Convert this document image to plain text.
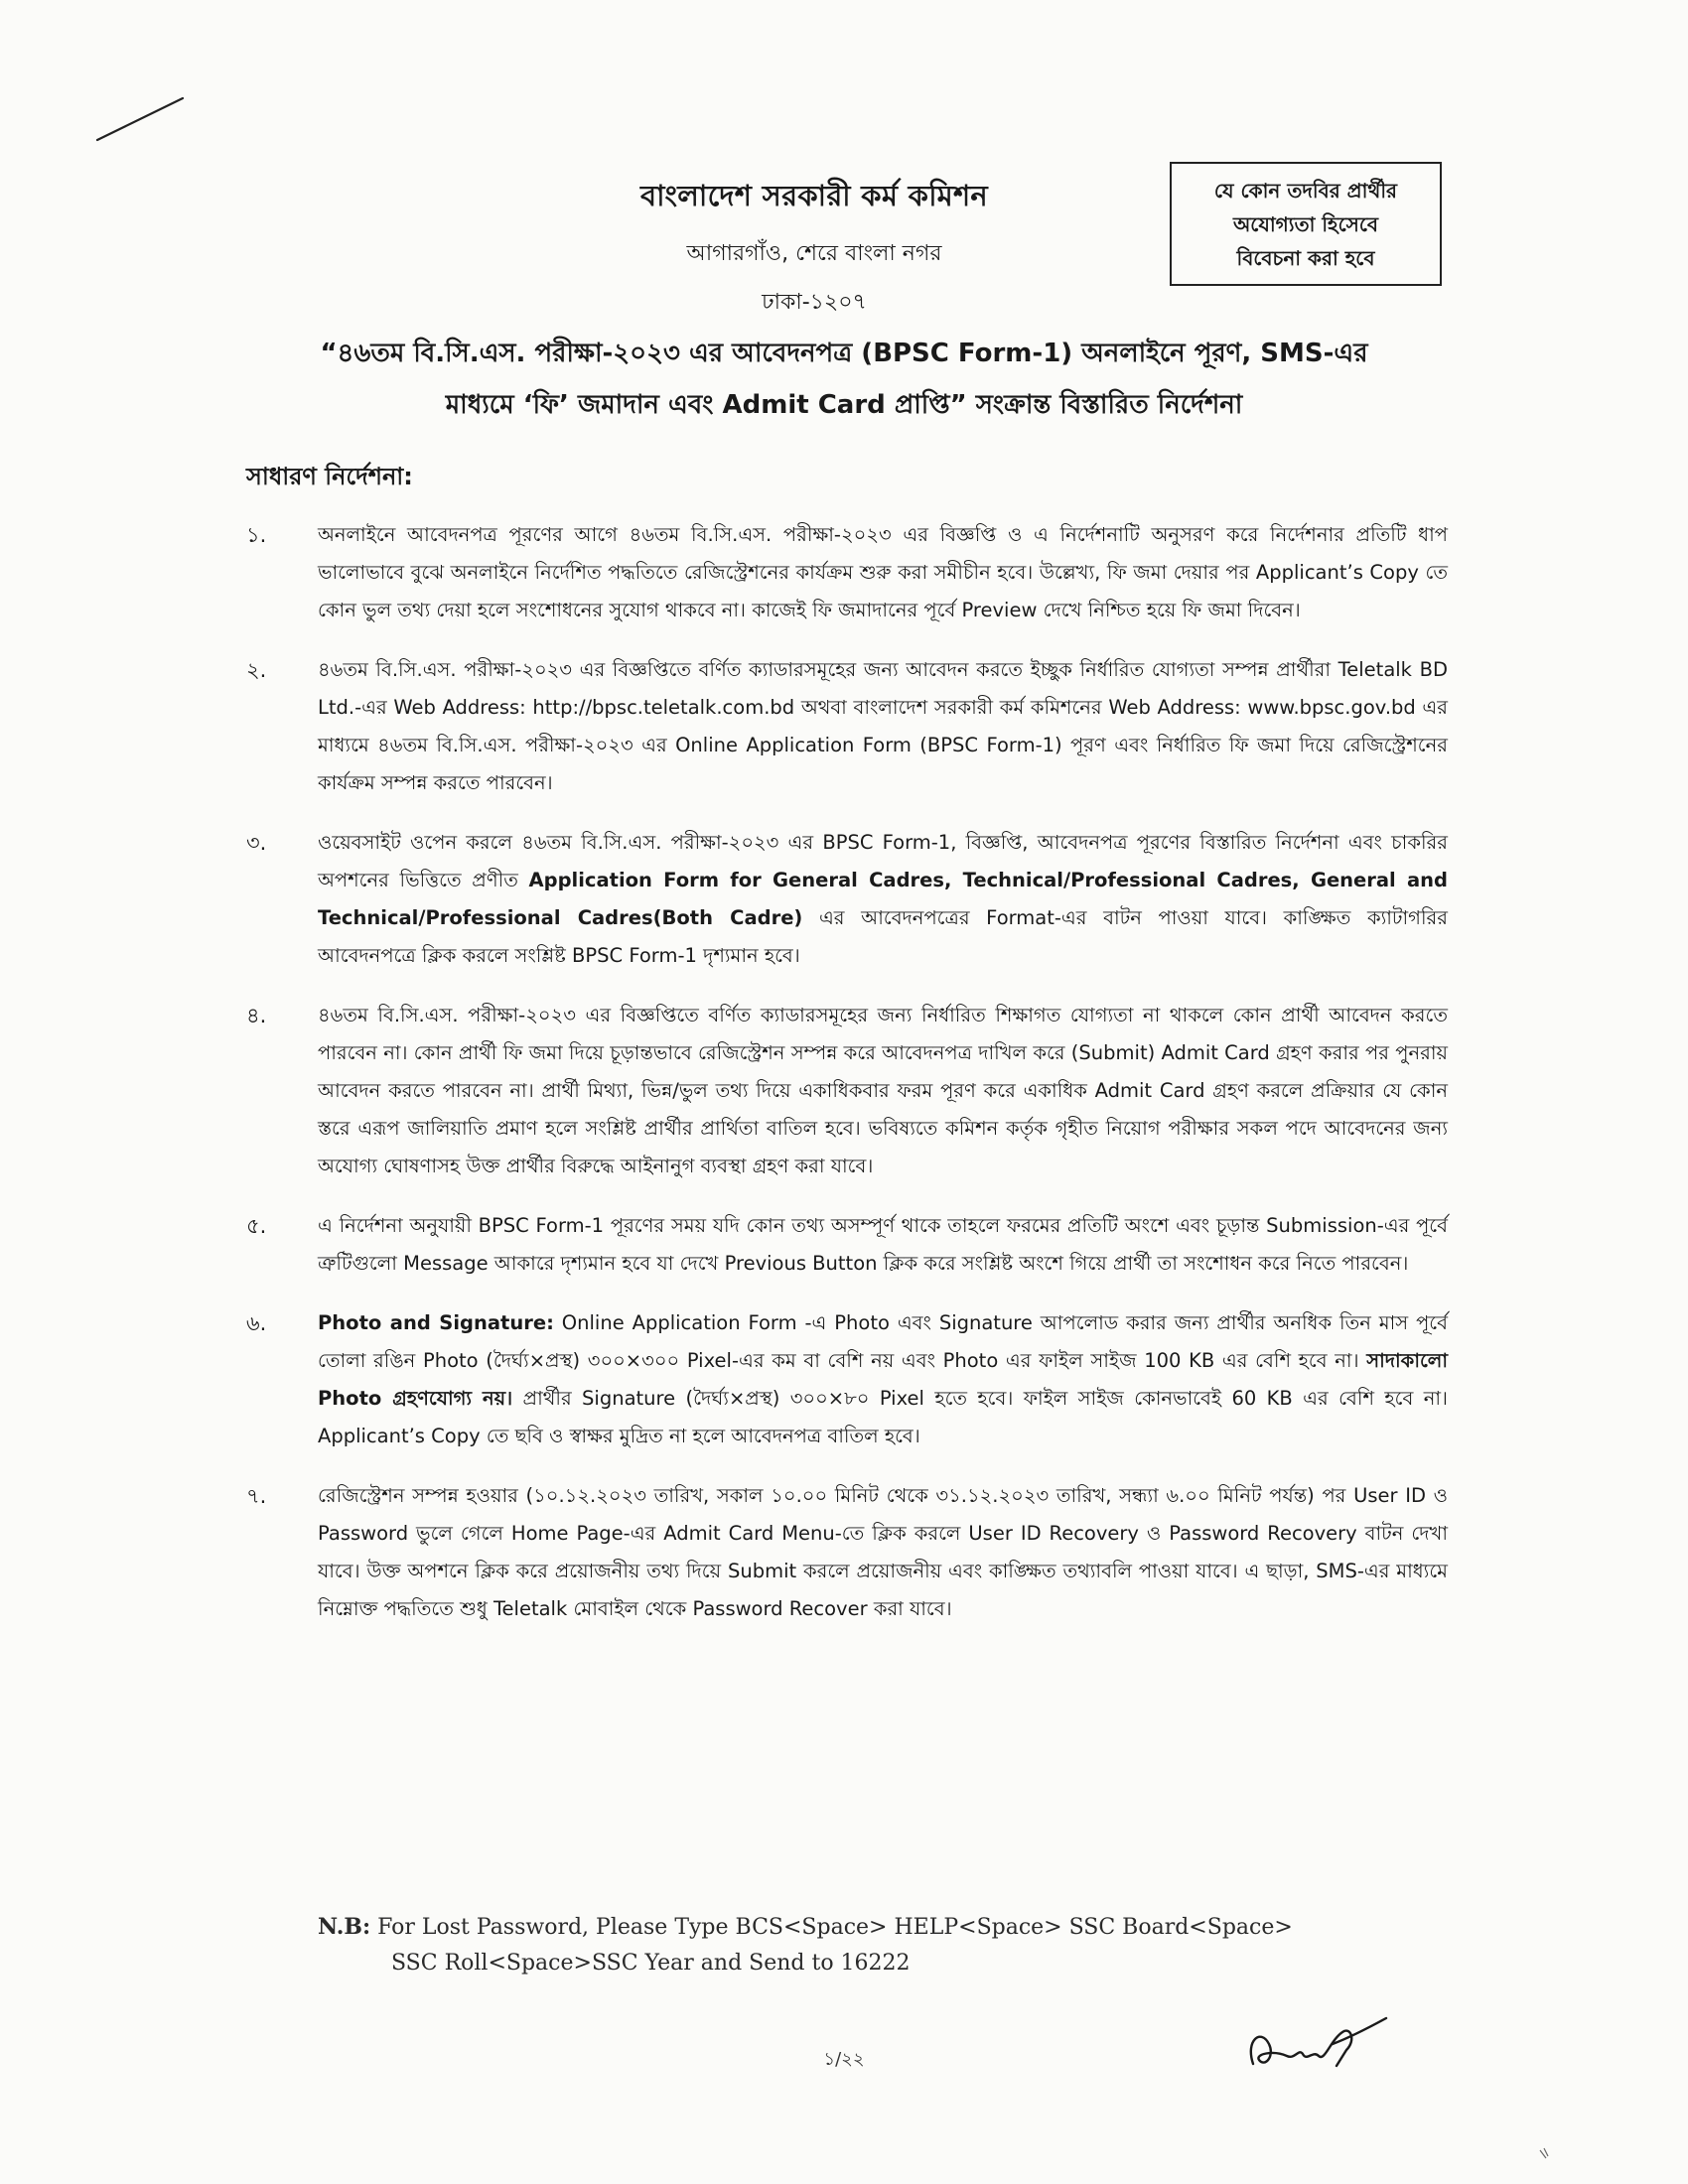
বাংলাদেশ সরকারী কর্ম কমিশন
আগারগাঁও, শেরে বাংলা নগর
ঢাকা-১২০৭
যে কোন তদবির প্রার্থীর
অযোগ্যতা হিসেবে
বিবেচনা করা হবে
“৪৬তম বি.সি.এস. পরীক্ষা-২০২৩ এর আবেদনপত্র (BPSC Form-1) অনলাইনে পূরণ, SMS-এর
মাধ্যমে ‘ফি’ জমাদান এবং Admit Card প্রাপ্তি” সংক্রান্ত বিস্তারিত নির্দেশনা
সাধারণ নির্দেশনা:
১.	অনলাইনে আবেদনপত্র পূরণের আগে ৪৬তম বি.সি.এস. পরীক্ষা-২০২৩ এর বিজ্ঞপ্তি ও এ নির্দেশনাটি অনুসরণ করে নির্দেশনার প্রতিটি ধাপ ভালোভাবে বুঝে অনলাইনে নির্দেশিত পদ্ধতিতে রেজিস্ট্রেশনের কার্যক্রম শুরু করা সমীচীন হবে। উল্লেখ্য, ফি জমা দেয়ার পর Applicant’s Copy তে কোন ভুল তথ্য দেয়া হলে সংশোধনের সুযোগ থাকবে না। কাজেই ফি জমাদানের পূর্বে Preview দেখে নিশ্চিত হয়ে ফি জমা দিবেন।
২.	৪৬তম বি.সি.এস. পরীক্ষা-২০২৩ এর বিজ্ঞপ্তিতে বর্ণিত ক্যাডারসমূহের জন্য আবেদন করতে ইচ্ছুক নির্ধারিত যোগ্যতা সম্পন্ন প্রার্থীরা Teletalk BD Ltd.-এর Web Address: http://bpsc.teletalk.com.bd অথবা বাংলাদেশ সরকারী কর্ম কমিশনের Web Address: www.bpsc.gov.bd এর মাধ্যমে ৪৬তম বি.সি.এস. পরীক্ষা-২০২৩ এর Online Application Form (BPSC Form-1) পূরণ এবং নির্ধারিত ফি জমা দিয়ে রেজিস্ট্রেশনের কার্যক্রম সম্পন্ন করতে পারবেন।
৩.	ওয়েবসাইট ওপেন করলে ৪৬তম বি.সি.এস. পরীক্ষা-২০২৩ এর BPSC Form-1, বিজ্ঞপ্তি, আবেদনপত্র পূরণের বিস্তারিত নির্দেশনা এবং চাকরির অপশনের ভিত্তিতে প্রণীত Application Form for General Cadres, Technical/Professional Cadres, General and Technical/Professional Cadres(Both Cadre) এর আবেদনপত্রের Format-এর বাটন পাওয়া যাবে। কাঙ্ক্ষিত ক্যাটাগরির আবেদনপত্রে ক্লিক করলে সংশ্লিষ্ট BPSC Form-1 দৃশ্যমান হবে।
৪.	৪৬তম বি.সি.এস. পরীক্ষা-২০২৩ এর বিজ্ঞপ্তিতে বর্ণিত ক্যাডারসমূহের জন্য নির্ধারিত শিক্ষাগত যোগ্যতা না থাকলে কোন প্রার্থী আবেদন করতে পারবেন না। কোন প্রার্থী ফি জমা দিয়ে চূড়ান্তভাবে রেজিস্ট্রেশন সম্পন্ন করে আবেদনপত্র দাখিল করে (Submit) Admit Card গ্রহণ করার পর পুনরায় আবেদন করতে পারবেন না। প্রার্থী মিথ্যা, ভিন্ন/ভুল তথ্য দিয়ে একাধিকবার ফরম পূরণ করে একাধিক Admit Card গ্রহণ করলে প্রক্রিয়ার যে কোন স্তরে এরূপ জালিয়াতি প্রমাণ হলে সংশ্লিষ্ট প্রার্থীর প্রার্থিতা বাতিল হবে। ভবিষ্যতে কমিশন কর্তৃক গৃহীত নিয়োগ পরীক্ষার সকল পদে আবেদনের জন্য অযোগ্য ঘোষণাসহ উক্ত প্রার্থীর বিরুদ্ধে আইনানুগ ব্যবস্থা গ্রহণ করা যাবে।
৫.	এ নির্দেশনা অনুযায়ী BPSC Form-1 পূরণের সময় যদি কোন তথ্য অসম্পূর্ণ থাকে তাহলে ফরমের প্রতিটি অংশে এবং চূড়ান্ত Submission-এর পূর্বে ত্রুটিগুলো Message আকারে দৃশ্যমান হবে যা দেখে Previous Button ক্লিক করে সংশ্লিষ্ট অংশে গিয়ে প্রার্থী তা সংশোধন করে নিতে পারবেন।
৬.	Photo and Signature: Online Application Form -এ Photo এবং Signature আপলোড করার জন্য প্রার্থীর অনধিক তিন মাস পূর্বে তোলা রঙিন Photo (দৈর্ঘ্য×প্রস্থ) ৩০০×৩০০ Pixel-এর কম বা বেশি নয় এবং Photo এর ফাইল সাইজ 100 KB এর বেশি হবে না। সাদাকালো Photo গ্রহণযোগ্য নয়। প্রার্থীর Signature (দৈর্ঘ্য×প্রস্থ) ৩০০×৮০ Pixel হতে হবে। ফাইল সাইজ কোনভাবেই 60 KB এর বেশি হবে না। Applicant’s Copy তে ছবি ও স্বাক্ষর মুদ্রিত না হলে আবেদনপত্র বাতিল হবে।
৭.	রেজিস্ট্রেশন সম্পন্ন হওয়ার (১০.১২.২০২৩ তারিখ, সকাল ১০.০০ মিনিট থেকে ৩১.১২.২০২৩ তারিখ, সন্ধ্যা ৬.০০ মিনিট পর্যন্ত) পর User ID ও Password ভুলে গেলে Home Page-এর Admit Card Menu-তে ক্লিক করলে User ID Recovery ও Password Recovery বাটন দেখা যাবে। উক্ত অপশনে ক্লিক করে প্রয়োজনীয় তথ্য দিয়ে Submit করলে প্রয়োজনীয় এবং কাঙ্ক্ষিত তথ্যাবলি পাওয়া যাবে। এ ছাড়া, SMS-এর মাধ্যমে নিম্নোক্ত পদ্ধতিতে শুধু Teletalk মোবাইল থেকে Password Recover করা যাবে।
N.B: For Lost Password, Please Type BCS<Space> HELP<Space> SSC Board<Space>
SSC Roll<Space>SSC Year and Send to 16222
১/২২
